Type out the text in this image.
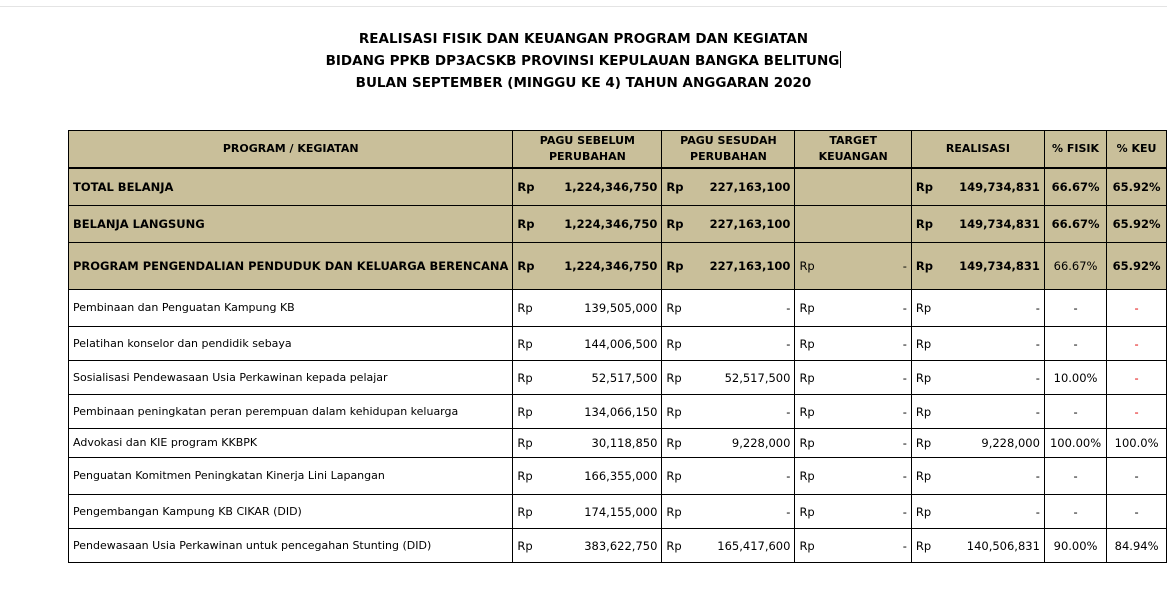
REALISASI FISIK DAN KEUANGAN PROGRAM DAN KEGIATAN
BIDANG PPKB DP3ACSKB PROVINSI KEPULAUAN BANGKA BELITUNG
BULAN SEPTEMBER (MINGGU KE 4) TAHUN ANGGARAN 2020
PROGRAM / KEGIATAN	PAGU SEBELUM PERUBAHAN		PAGU SESUDAH PERUBAHAN		TARGET KEUANGAN		REALISASI		% FISIK	% KEU
TOTAL BELANJA	Rp	1,224,346,750	Rp	227,163,100			Rp	149,734,831	66.67%	65.92%
BELANJA LANGSUNG	Rp	1,224,346,750	Rp	227,163,100			Rp	149,734,831	66.67%	65.92%
PROGRAM PENGENDALIAN PENDUDUK DAN KELUARGA BERENCANA	Rp	1,224,346,750	Rp	227,163,100	Rp	-	Rp	149,734,831	66.67%	65.92%
Pembinaan dan Penguatan Kampung KB	Rp	139,505,000	Rp	-	Rp	-	Rp	-	-	-
Pelatihan konselor dan pendidik sebaya	Rp	144,006,500	Rp	-	Rp	-	Rp	-	-	-
Sosialisasi Pendewasaan Usia Perkawinan kepada pelajar	Rp	52,517,500	Rp	52,517,500	Rp	-	Rp	-	10.00%	-
Pembinaan peningkatan peran perempuan dalam kehidupan keluarga	Rp	134,066,150	Rp	-	Rp	-	Rp	-	-	-
Advokasi dan KIE program KKBPK	Rp	30,118,850	Rp	9,228,000	Rp	-	Rp	9,228,000	100.00%	100.0%
Penguatan Komitmen Peningkatan Kinerja Lini Lapangan	Rp	166,355,000	Rp	-	Rp	-	Rp	-	-	-
Pengembangan Kampung KB CIKAR (DID)	Rp	174,155,000	Rp	-	Rp	-	Rp	-	-	-
Pendewasaan Usia Perkawinan untuk pencegahan Stunting (DID)	Rp	383,622,750	Rp	165,417,600	Rp	-	Rp	140,506,831	90.00%	84.94%
